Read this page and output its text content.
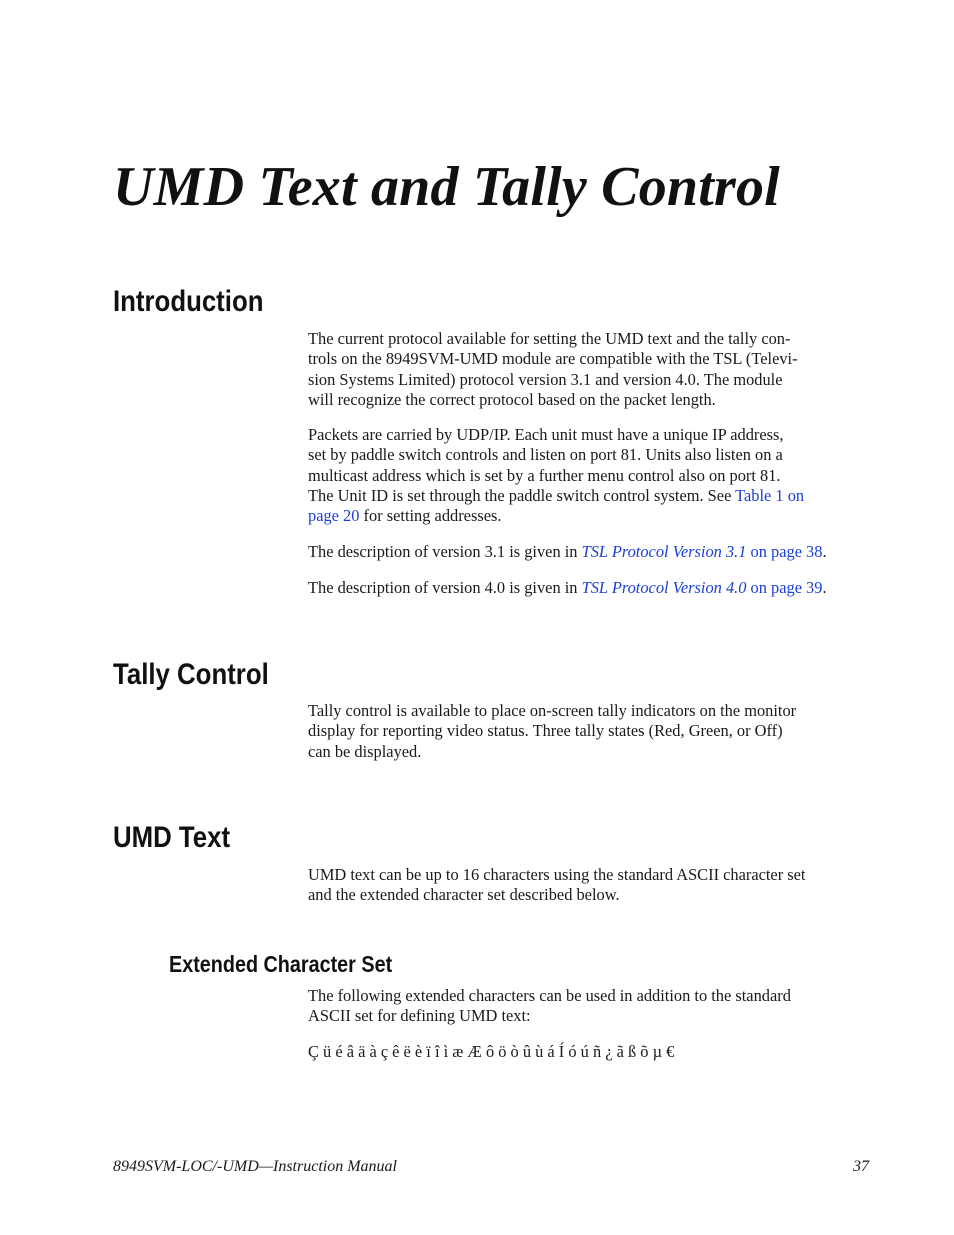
UMD Text and Tally Control
Introduction

The current protocol available for setting the UMD text and the tally con-
trols on the 8949SVM-UMD module are compatible with the TSL (Televi-
sion Systems Limited) protocol version 3.1 and version 4.0. The module
will recognize the correct protocol based on the packet length.

Packets are carried by UDP/IP. Each unit must have a unique IP address,
set by paddle switch controls and listen on port 81. Units also listen on a
multicast address which is set by a further menu control also on port 81.
The Unit ID is set through the paddle switch control system. See Table 1 on
page 20 for setting addresses.

The description of version 3.1 is given in TSL Protocol Version 3.1 on page 38.

The description of version 4.0 is given in TSL Protocol Version 4.0 on page 39.

Tally Control

Tally control is available to place on-screen tally indicators on the monitor
display for reporting video status. Three tally states (Red, Green, or Off)
can be displayed.

UMD Text

UMD text can be up to 16 characters using the standard ASCII character set
and the extended character set described below.

Extended Character Set

The following extended characters can be used in addition to the standard
ASCII set for defining UMD text:

Ç ü é â ä à ç ê ë è ï î ì æ Æ ô ö ò û ù á Í ó ú ñ ¿ ã ß õ µ €

8949SVM-LOC/-UMD—Instruction Manual	37
